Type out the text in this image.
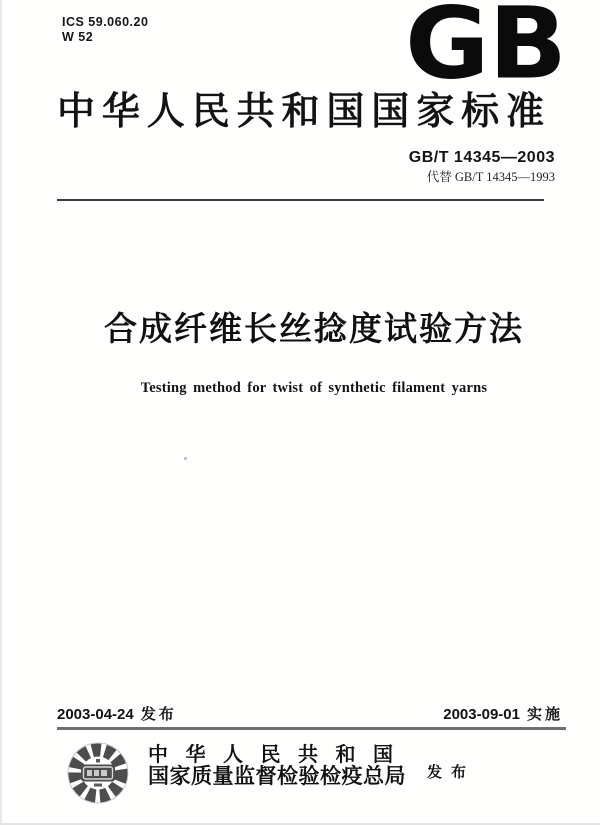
ICS 59.060.20
W 52	GB
中华人民共和国国家标准
GB/T 14345—2003
代替 GB/T 14345—1993
合成纤维长丝捻度试验方法
Testing method for twist of synthetic filament yarns
2003-04-24 发布	2003-09-01 实施
中华人民共和国
国家质量监督检验检疫总局 发布
